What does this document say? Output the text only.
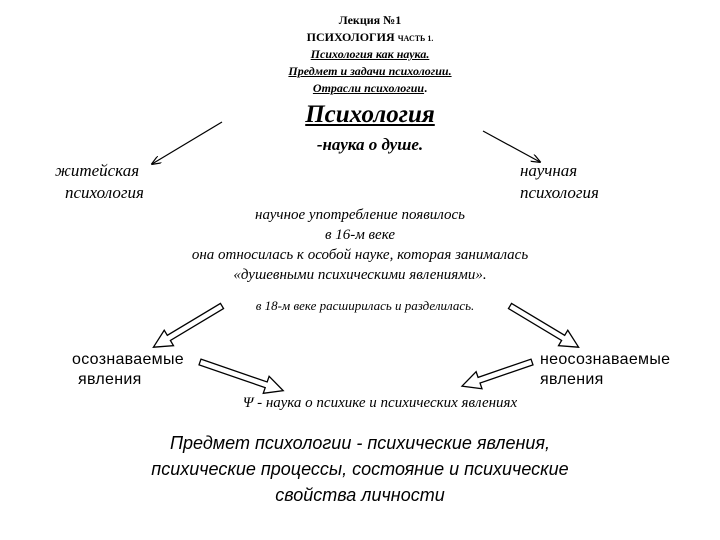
Лекция №1
ПСИХОЛОГИЯ ЧАСТЬ 1.
Психология как наука.
Предмет и задачи психологии.
Отрасли психологии.
Психология
-наука о душе.
житейская
психология
научная
психология
научное употребление появилось
в 16-м веке
она относилась к особой науке, которая занималась
«душевными психическими явлениями».
в 18-м веке расширилась и разделилась.
осознаваемые
явления
неосознаваемые
явления
Ψ - наука о психике и психических явлениях
Предмет психологии - психические явления,
психические процессы, состояние и психические
свойства личности
